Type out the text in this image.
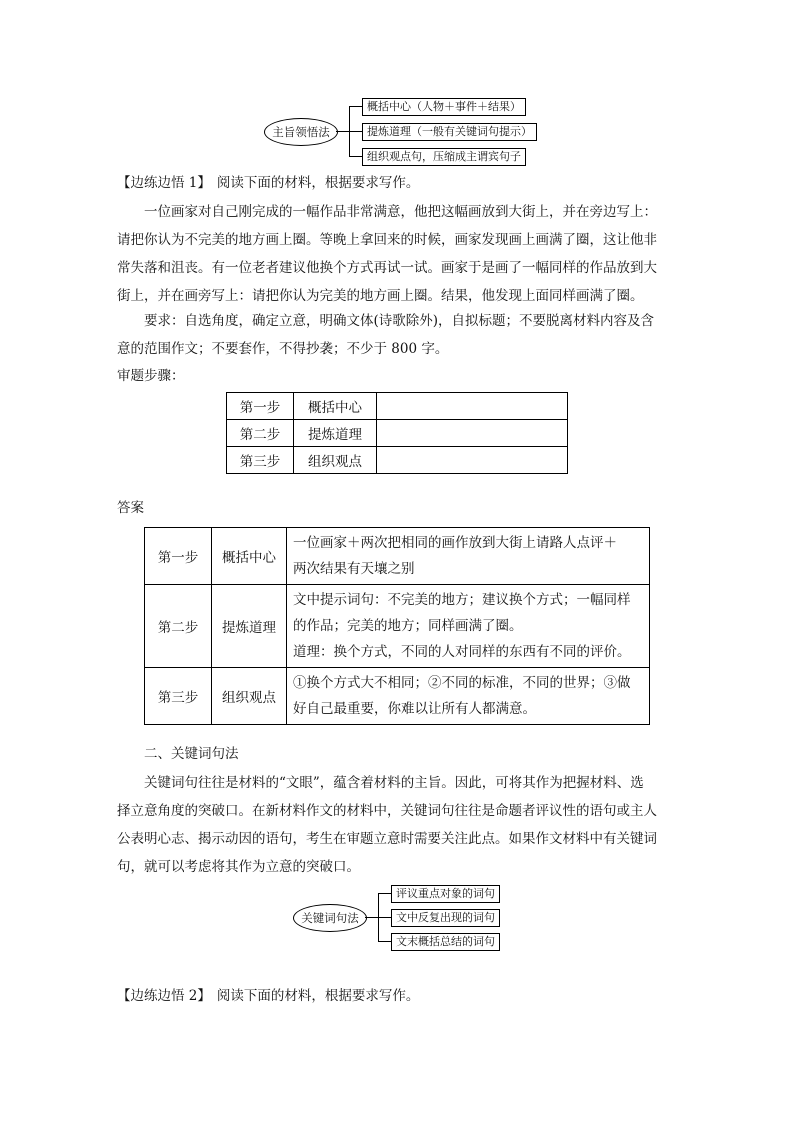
主旨领悟法
概括中心（人物＋事件＋结果）
提炼道理（一般有关键词句提示）
组织观点句，压缩成主谓宾句子
【边练边悟 1】 阅读下面的材料，根据要求写作。
一位画家对自己刚完成的一幅作品非常满意，他把这幅画放到大街上，并在旁边写上：
请把你认为不完美的地方画上圈。等晚上拿回来的时候，画家发现画上画满了圈，这让他非
常失落和沮丧。有一位老者建议他换个方式再试一试。画家于是画了一幅同样的作品放到大
街上，并在画旁写上：请把你认为完美的地方画上圈。结果，他发现上面同样画满了圈。
要求：自选角度，确定立意，明确文体(诗歌除外)，自拟标题；不要脱离材料内容及含
意的范围作文；不要套作，不得抄袭；不少于 800 字。
审题步骤：
第一步	概括中心	
第二步	提炼道理	
第三步	组织观点	
答案
第一步	概括中心	一位画家＋两次把相同的画作放到大街上请路人点评＋
两次结果有天壤之别

第二步	提炼道理	文中提示词句：不完美的地方；建议换个方式；一幅同样
的作品；完美的地方；同样画满了圈。
道理：换个方式，不同的人对同样的东西有不同的评价。

第三步	组织观点	①换个方式大不相同；②不同的标准，不同的世界；③做
好自己最重要，你难以让所有人都满意。
二、关键词句法
关键词句往往是材料的“文眼”，蕴含着材料的主旨。因此，可将其作为把握材料、选
择立意角度的突破口。在新材料作文的材料中，关键词句往往是命题者评议性的语句或主人
公表明心志、揭示动因的语句，考生在审题立意时需要关注此点。如果作文材料中有关键词
句，就可以考虑将其作为立意的突破口。
关键词句法
评议重点对象的词句
文中反复出现的词句
文末概括总结的词句
【边练边悟 2】 阅读下面的材料，根据要求写作。
